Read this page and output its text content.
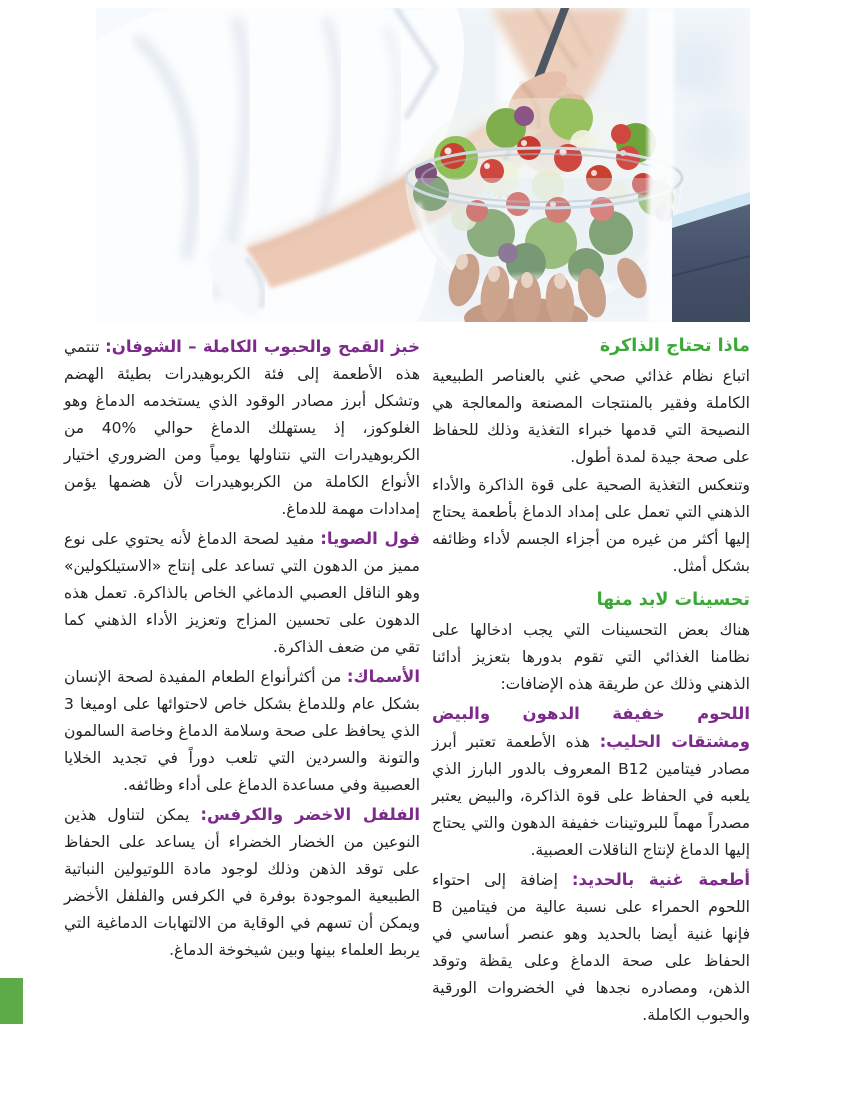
ماذا تحتاج الذاكرة

اتباع نظام غذائي صحي غني بالعناصر الطبيعية الكاملة وفقير بالمنتجات المصنعة والمعالجة هي النصيحة التي قدمها خبراء التغذية وذلك للحفاظ على صحة جيدة لمدة أطول.

وتنعكس التغذية الصحية على قوة الذاكرة والأداء الذهني التي تعمل على إمداد الدماغ بأطعمة يحتاج إليها أكثر من غيره من أجزاء الجسم لأداء وظائفه بشكل أمثل.

تحسينات لابد منها

هناك بعض التحسينات التي يجب ادخالها على نظامنا الغذائي التي تقوم بدورها بتعزيز أدائنا الذهني وذلك عن طريقة هذه الإضافات:

اللحوم خفيفة الدهون والبيض ومشتقات الحليب: هذه الأطعمة تعتبر أبرز مصادر فيتامين B12 المعروف بالدور البارز الذي يلعبه في الحفاظ على قوة الذاكرة، والبيض يعتبر مصدراً مهماً للبروتينات خفيفة الدهون والتي يحتاج إليها الدماغ لإنتاج الناقلات العصبية.

أطعمة غنية بالحديد: إضافة إلى احتواء اللحوم الحمراء على نسبة عالية من فيتامين B فإنها غنية أيضا بالحديد وهو عنصر أساسي في الحفاظ على صحة الدماغ وعلى يقظة وتوقد الذهن، ومصادره نجدها في الخضروات الورقية والحبوب الكاملة.

خبز القمح والحبوب الكاملة – الشوفان: تنتمي هذه الأطعمة إلى فئة الكربوهيدرات بطيئة الهضم وتشكل أبرز مصادر الوقود الذي يستخدمه الدماغ وهو الغلوكوز، إذ يستهلك الدماغ حوالي %40 من الكربوهيدرات التي نتناولها يومياً ومن الضروري اختيار الأنواع الكاملة من الكربوهيدرات لأن هضمها يؤمن إمدادات مهمة للدماغ.

فول الصويا: مفيد لصحة الدماغ لأنه يحتوي على نوع مميز من الدهون التي تساعد على إنتاج «الاستيلكولين» وهو الناقل العصبي الدماغي الخاص بالذاكرة. تعمل هذه الدهون على تحسين المزاج وتعزيز الأداء الذهني كما تقي من ضعف الذاكرة.

الأسماك: من أكثرأنواع الطعام المفيدة لصحة الإنسان بشكل عام وللدماغ بشكل خاص لاحتوائها على اوميغا 3 الذي يحافظ على صحة وسلامة الدماغ وخاصة السالمون والتونة والسردين التي تلعب دوراً في تجديد الخلايا العصبية وفي مساعدة الدماغ على أداء وظائفه.

الفلفل الاخضر والكرفس: يمكن لتناول هذين النوعين من الخضار الخضراء أن يساعد على الحفاظ على توقد الذهن وذلك لوجود مادة اللوتيولين النباتية الطبيعية الموجودة بوفرة في الكرفس والفلفل الأخضر ويمكن أن تسهم في الوقاية من الالتهابات الدماغية التي يربط العلماء بينها وبين شيخوخة الدماغ.
